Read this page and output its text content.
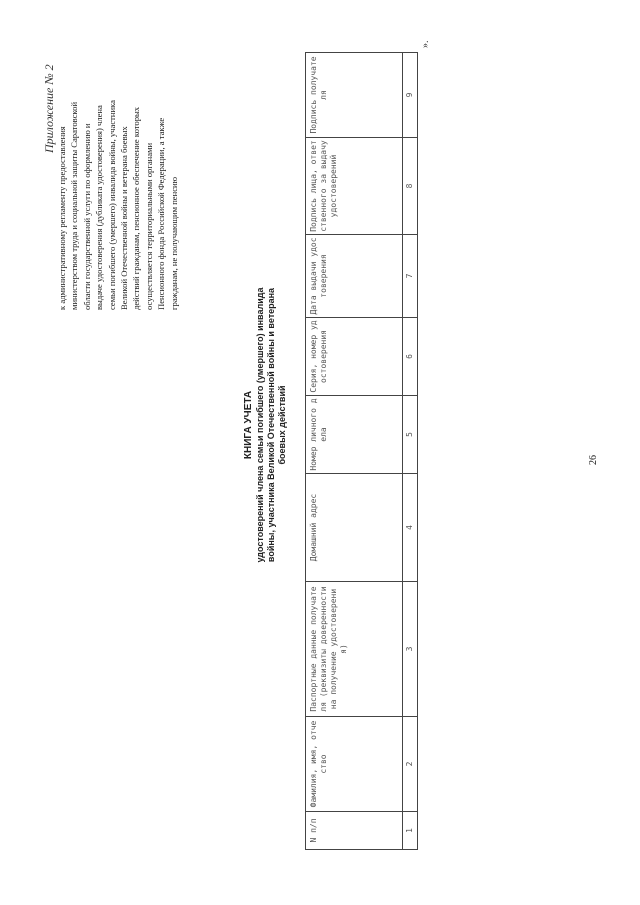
Приложение № 2
к административному регламенту предоставления министерством труда и социальной защиты Саратовской области государственной услуги по оформлению и выдаче удостоверения (дубликата удостоверения) члена семьи погибшего (умершего) инвалида войны, участника Великой Отечественной войны и ветерана боевых действий гражданам, пенсионное обеспечение которых осуществляется территориальными органами Пенсионного фонда Российской Федерации, а также гражданам, не получающим пенсию
КНИГА УЧЕТА удостоверений члена семьи погибшего (умершего) инвалида войны, участника Великой Отечественной войны и ветерана боевых действий
N п/п	Фамилия, имя, отчество	Паспортные данные получателя (реквизиты доверенности на получение удостоверения)	Домашний адрес	Номер личного дела	Серия, номер удостоверения	Дата выдачи удостоверения	Подпись лица, ответственного за выдачу удостоверений	Подпись получателя
1	2	3	4	5	6	7	8	9
».
26
